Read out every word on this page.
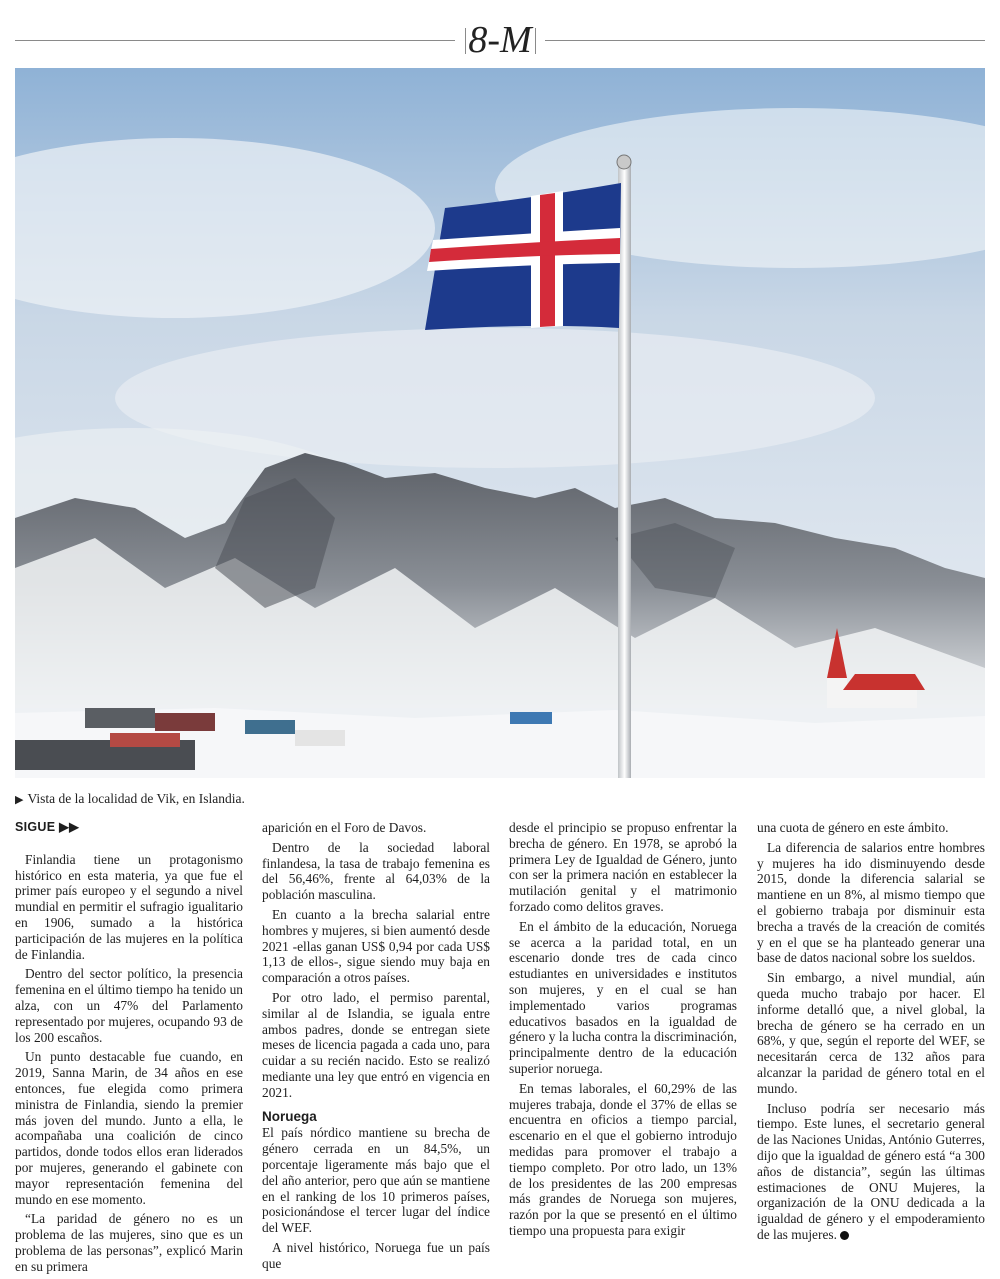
8-M
▶ Vista de la localidad de Vik, en Islandia.
SIGUE ▶▶

Finlandia tiene un protagonismo histórico en esta materia, ya que fue el primer país europeo y el segundo a nivel mundial en permitir el sufragio igualitario en 1906, sumado a la histórica participación de las mujeres en la política de Finlandia.

Dentro del sector político, la presencia femenina en el último tiempo ha tenido un alza, con un 47% del Parlamento representado por mujeres, ocupando 93 de los 200 escaños.

Un punto destacable fue cuando, en 2019, Sanna Marin, de 34 años en ese entonces, fue elegida como primera ministra de Finlandia, siendo la premier más joven del mundo. Junto a ella, le acompañaba una coalición de cinco partidos, donde todos ellos eran liderados por mujeres, generando el gabinete con mayor representación femenina del mundo en ese momento.

“La paridad de género no es un problema de las mujeres, sino que es un problema de las personas”, explicó Marin en su primera

aparición en el Foro de Davos.

Dentro de la sociedad laboral finlandesa, la tasa de trabajo femenina es del 56,46%, frente al 64,03% de la población masculina.

En cuanto a la brecha salarial entre hombres y mujeres, si bien aumentó desde 2021 -ellas ganan US$ 0,94 por cada US$ 1,13 de ellos-, sigue siendo muy baja en comparación a otros países.

Por otro lado, el permiso parental, similar al de Islandia, se iguala entre ambos padres, donde se entregan siete meses de licencia pagada a cada uno, para cuidar a su recién nacido. Esto se realizó mediante una ley que entró en vigencia en 2021.

Noruega

El país nórdico mantiene su brecha de género cerrada en un 84,5%, un porcentaje ligeramente más bajo que el del año anterior, pero que aún se mantiene en el ranking de los 10 primeros países, posicionándose el tercer lugar del índice del WEF.

A nivel histórico, Noruega fue un país que

desde el principio se propuso enfrentar la brecha de género. En 1978, se aprobó la primera Ley de Igualdad de Género, junto con ser la primera nación en establecer la mutilación genital y el matrimonio forzado como delitos graves.

En el ámbito de la educación, Noruega se acerca a la paridad total, en un escenario donde tres de cada cinco estudiantes en universidades e institutos son mujeres, y en el cual se han implementado varios programas educativos basados en la igualdad de género y la lucha contra la discriminación, principalmente dentro de la educación superior noruega.

En temas laborales, el 60,29% de las mujeres trabaja, donde el 37% de ellas se encuentra en oficios a tiempo parcial, escenario en el que el gobierno introdujo medidas para promover el trabajo a tiempo completo. Por otro lado, un 13% de los presidentes de las 200 empresas más grandes de Noruega son mujeres, razón por la que se presentó en el último tiempo una propuesta para exigir

una cuota de género en este ámbito.

La diferencia de salarios entre hombres y mujeres ha ido disminuyendo desde 2015, donde la diferencia salarial se mantiene en un 8%, al mismo tiempo que el gobierno trabaja por disminuir esta brecha a través de la creación de comités y en el que se ha planteado generar una base de datos nacional sobre los sueldos.

Sin embargo, a nivel mundial, aún queda mucho trabajo por hacer. El informe detalló que, a nivel global, la brecha de género se ha cerrado en un 68%, y que, según el reporte del WEF, se necesitarán cerca de 132 años para alcanzar la paridad de género total en el mundo.

Incluso podría ser necesario más tiempo. Este lunes, el secretario general de las Naciones Unidas, António Guterres, dijo que la igualdad de género está “a 300 años de distancia”, según las últimas estimaciones de ONU Mujeres, la organización de la ONU dedicada a la igualdad de género y el empoderamiento de las mujeres.
